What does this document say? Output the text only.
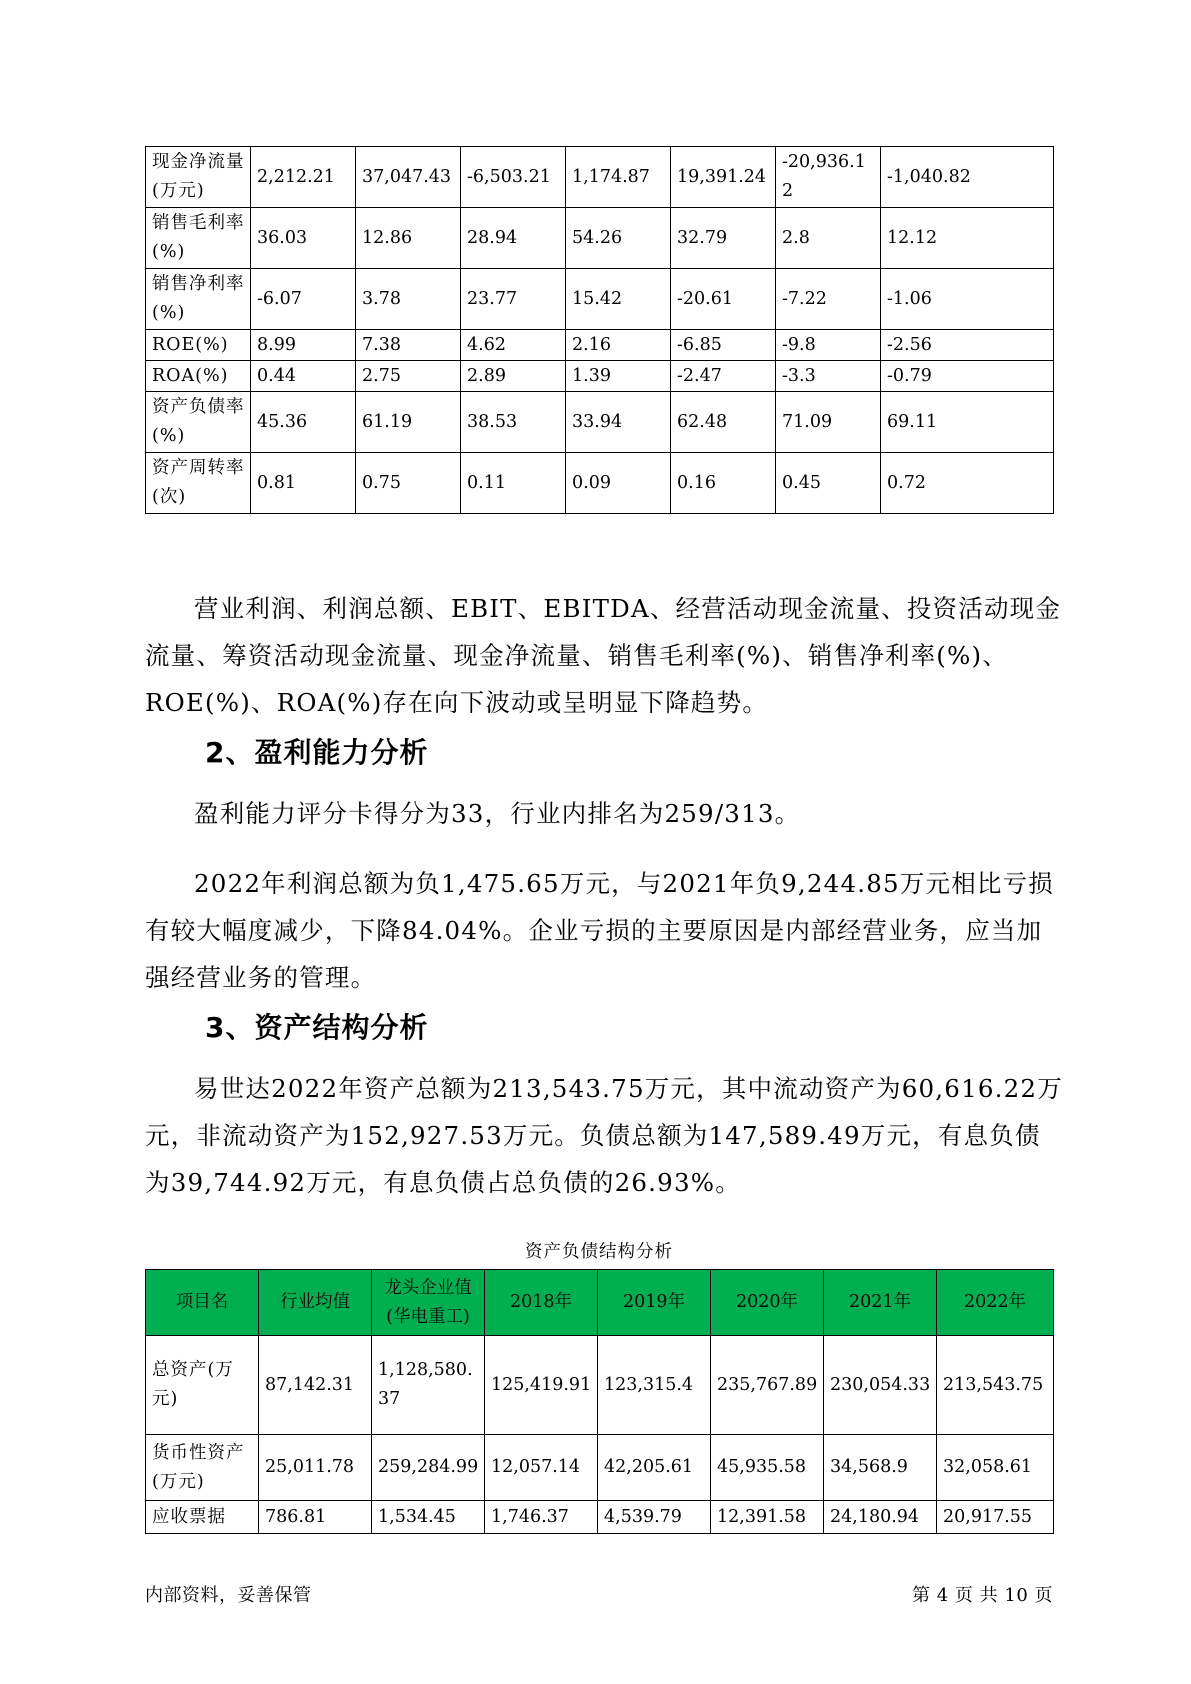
现金净流量(万元)	2,212.21	37,047.43	-6,503.21	1,174.87	19,391.24	-20,936.12	-1,040.82
销售毛利率(%)	36.03	12.86	28.94	54.26	32.79	2.8	12.12
销售净利率(%)	-6.07	3.78	23.77	15.42	-20.61	-7.22	-1.06
ROE(%)	8.99	7.38	4.62	2.16	-6.85	-9.8	-2.56
ROA(%)	0.44	2.75	2.89	1.39	-2.47	-3.3	-0.79
资产负债率(%)	45.36	61.19	38.53	33.94	62.48	71.09	69.11
资产周转率(次)	0.81	0.75	0.11	0.09	0.16	0.45	0.72

营业利润、利润总额、EBIT、EBITDA、经营活动现金流量、投资活动现金流量、筹资活动现金流量、现金净流量、销售毛利率(%)、销售净利率(%)、ROE(%)、ROA(%)存在向下波动或呈明显下降趋势。

2、盈利能力分析

盈利能力评分卡得分为33，行业内排名为259/313。

2022年利润总额为负1,475.65万元，与2021年负9,244.85万元相比亏损有较大幅度减少，下降84.04%。企业亏损的主要原因是内部经营业务，应当加强经营业务的管理。

3、资产结构分析

易世达2022年资产总额为213,543.75万元，其中流动资产为60,616.22万元，非流动资产为152,927.53万元。负债总额为147,589.49万元，有息负债为39,744.92万元，有息负债占总负债的26.93%。

资产负债结构分析

项目名	行业均值	龙头企业值(华电重工)	2018年	2019年	2020年	2021年	2022年
总资产(万元)	87,142.31	1,128,580.37	125,419.91	123,315.4	235,767.89	230,054.33	213,543.75
货币性资产(万元)	25,011.78	259,284.99	12,057.14	42,205.61	45,935.58	34,568.9	32,058.61
应收票据	786.81	1,534.45	1,746.37	4,539.79	12,391.58	24,180.94	20,917.55

内部资料，妥善保管	第 4 页 共 10 页
